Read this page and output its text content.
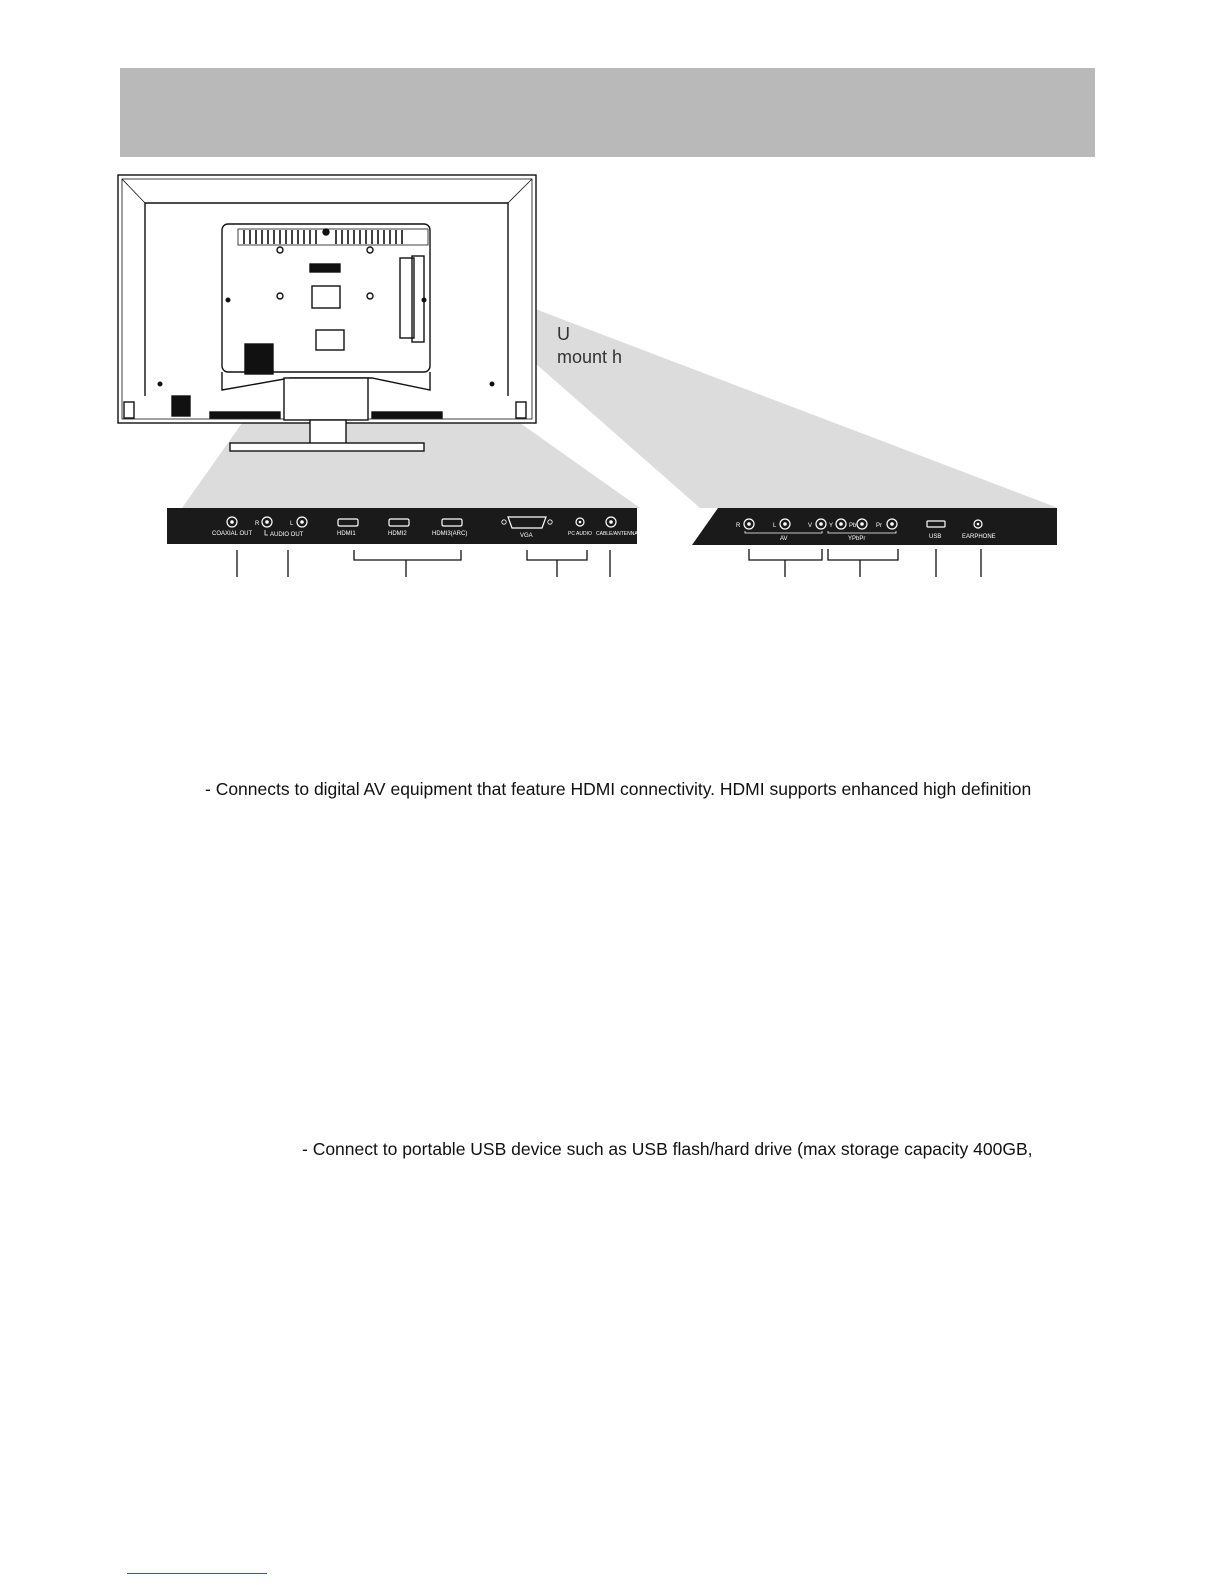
COAXIAL OUT
R	L
AUDIO OUT	HDMI1	HDMI2	HDMI3(ARC)	VGA	PC AUDIO CABLE/ANTENNA
R	L	V	Y	Pb	Pr
AV	YPbPr	USB	EARPHONE
U
mount h
- Connects to digital AV equipment that feature HDMI connectivity. HDMI supports enhanced high definition
- Connect to portable USB device such as USB flash/hard drive (max storage capacity 400GB,
